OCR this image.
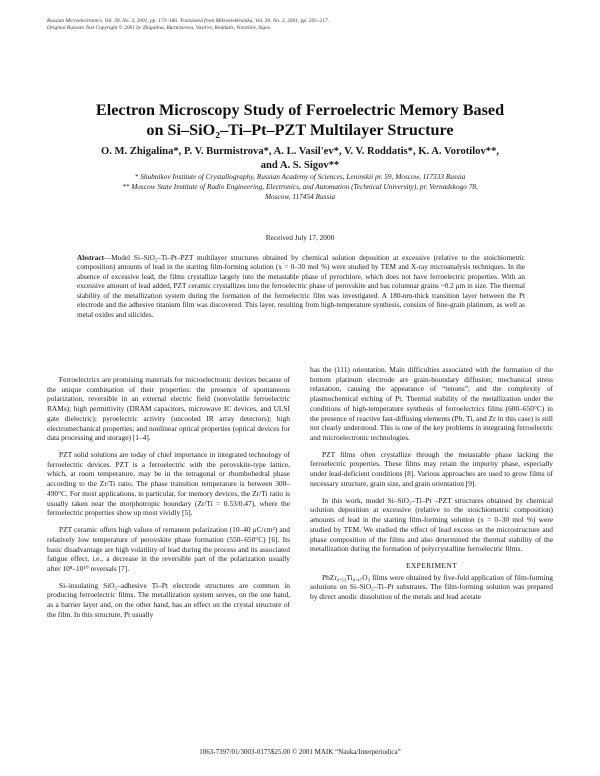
Russian Microelectronics, Vol. 30, No. 3, 2001, pp. 173–186. Translated from Mikroelektronika, Vol. 30, No. 3, 2001, pp. 205–217.
Original Russian Text Copyright © 2001 by Zhigalina, Burmistrova, Vasil'ev, Roddatis, Vorotilov, Sigov.
Electron Microscopy Study of Ferroelectric Memory Based
on Si–SiO₂–Ti–Pt–PZT Multilayer Structure
O. M. Zhigalina*, P. V. Burmistrova*, A. L. Vasil'ev*, V. V. Roddatis*, K. A. Vorotilov**,
and A. S. Sigov**
* Shubnikov Institute of Crystallography, Russian Academy of Sciences, Leninskii pr. 59, Moscow, 117333 Russia
** Moscow State Institute of Radio Engineering, Electronics, and Automation (Technical University), pr. Vernadskogo 78,
Moscow, 117454 Russia
Received July 17, 2000
Abstract—Model Si–SiO₂–Ti–Pt–PZT multilayer structures obtained by chemical solution deposition at excessive (relative to the stoichiometric composition) amounts of lead in the starting film-forming solution (x = 0–30 mol %) were studied by TEM and X-ray microanalysis techniques. In the absence of excessive lead, the films crystallize largely into the metastable phase of pyrochlore, which does not have ferroelectric properties. With an excessive amount of lead added, PZT ceramic crystallizes into the ferroelectric phase of perovskite and has columnar grains ~0.2 μm in size. The thermal stability of the metallization system during the formation of the ferroelectric film was investigated. A 180-nm-thick transition layer between the Pt electrode and the adhesive titanium film was discovered. This layer, resulting from high-temperature synthesis, consists of fine-grain platinum, as well as metal oxides and silicides.

Ferroelectrics are promising materials for microelectronic devices because of the unique combination of their properties: the presence of spontaneous polarization, reversible in an external electric field (nonvolatile ferroelectric RAMs); high permittivity (DRAM capacitors, microwave IC devices, and ULSI gate dielectric); pyroelectric activity (uncooled IR array detectors); high electromechanical properties; and nonlinear optical properties (optical devices for data processing and storage) [1–4].

PZT solid solutions are today of chief importance in integrated technology of ferroelectric devices. PZT is a ferroelectric with the perovskite-type lattice, which, at room temperature, may be in the tetragonal or rhombohedral phase according to the Zr/Ti ratio. The phase transition temperature is between 300–490°C. For most applications, in particular, for memory devices, the Zr/Ti ratio is usually taken near the morphotropic boundary (Zr/Ti = 0.53/0.47), where the ferroelectric properties show up most vividly [5].

PZT ceramic offers high values of remanent polarization (10–40 μC/cm²) and relatively low temperature of perovskite phase formation (550–650°C) [6]. Its basic disadvantage are high volatility of lead during the process and its associated fatigue effect, i.e., a decrease in the reversible part of the polarization usually after 10⁸–10¹⁰ reversals [7].

Si–insulating SiO₂–adhesive Ti–Pt electrode structures are common in producing ferroelectric films. The metallization system serves, on the one hand, as a barrier layer and, on the other hand, has an effect on the crystal structure of the film. In this structure, Pt usually

has the (111) orientation. Main difficulties associated with the formation of the bottom platinum electrode are grain-boundary diffusion; mechanical stress relaxation, causing the appearance of “tenons”; and the complexity of plasmochemical etching of Pt. Thermal stability of the metallization under the conditions of high-temperature synthesis of ferroelectrics films (600–650°C) in the presence of reactive fast-diffusing elements (Pb, Ti, and Zr in this case) is still not clearly understood. This is one of the key problems in integrating ferroelectric and microelectronic technologies.

PZT films often crystallize through the metastable phase lacking the ferroelectric properties. These films may retain the impurity phase, especially under lead-deficient conditions [8]. Various approaches are used to grow films of necessary structure, grain size, and grain orientation [9].

In this work, model Si–SiO₂–Ti–Pt –PZT structures obtained by chemical solution deposition at excessive (relative to the stoichiometric composition) amounts of lead in the starting film-forming solution (x = 0–30 mol %) were studied by TEM. We studied the effect of lead excess on the microstructure and phase composition of the films and also determined the thermal stability of the metallization during the formation of polycrystalline ferroelectric films.

EXPERIMENT

PbZr₀.₅₃Ti₀.₄₇O₃ films were obtained by five-fold application of film-forming solutions on Si–SiO₂–Ti–Pt substrates. The film-forming solution was prepared by direct anodic dissolution of the metals and lead acetate

1063-7397/01/3003-0175$25.00 © 2001 MAIK “Nauka/Interperiodica”
